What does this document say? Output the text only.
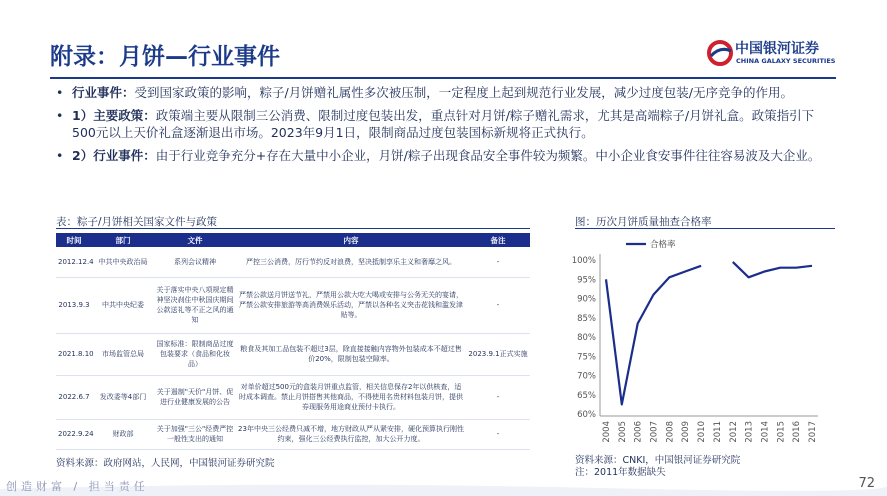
附录：月饼—行业事件	中国银河证券
CHINA GALAXY SECURITIES
• 行业事件：受到国家政策的影响，粽子/月饼赠礼属性多次被压制，一定程度上起到规范行业发展，减少过度包装/无序竞争的作用。
• 1）主要政策：政策端主要从限制三公消费、限制过度包装出发，重点针对月饼/粽子赠礼需求，尤其是高端粽子/月饼礼盒。政策指引下500元以上天价礼盒逐渐退出市场。2023年9月1日，限制商品过度包装国标新规将正式执行。
• 2）行业事件：由于行业竞争充分+存在大量中小企业，月饼/粽子出现食品安全事件较为频繁。中小企业食安事件往往容易波及大企业。
表：粽子/月饼相关国家文件与政策	图：历次月饼质量抽查合格率
时间	部门	文件	内容	备注
2012.12.4	中共中央政治局	系列会议精神	严控三公消费，厉行节约反对浪费，坚决抵制享乐主义和奢靡之风。	-
2013.9.3	中共中央纪委	关于落实中央八项规定精神坚决刹住中秋国庆期间公款送礼等不正之风的通知	严禁公款送月饼送节礼，严禁用公款大吃大喝或安排与公务无关的宴请，严禁公款安排旅游等高消费娱乐活动，严禁以各种名义突击花钱和滥发津贴等。	-
2021.8.10	市场监管总局	国家标准：限制商品过度包装要求（食品和化妆品）	粮食及其加工品包装不超过3层，除直接接触内容物外包装成本不超过售价20%，限制包装空隙率。	2023.9.1正式实施
2022.6.7	发改委等4部门	关于遏制"天价"月饼、促进行业健康发展的公告	对单价超过500元的盒装月饼重点监管，相关信息保存2年以供核查，适时成本调查。禁止月饼搭售其他商品，不得使用名贵材料包装月饼，提供券现服务用途商业预付卡执行。	-
2022.9.24	财政部	关于加强"三公"经费严控一般性支出的通知	23年中央三公经费只减不增，地方财政从严从紧安排，硬化预算执行刚性约束，强化三公经费执行监控，加大公开力度。	-
60%
65%
70%
75%
80%
85%
90%
95%
100%
2004 2005 2006 2007 2008 2009 2010 2011 2012 2013 2014 2015 2016 2017
合格率
资料来源：政府网站，人民网，中国银河证券研究院	资料来源：CNKI，中国银河证券研究院
注：2011年数据缺失
创造财富 / 担当责任	72
